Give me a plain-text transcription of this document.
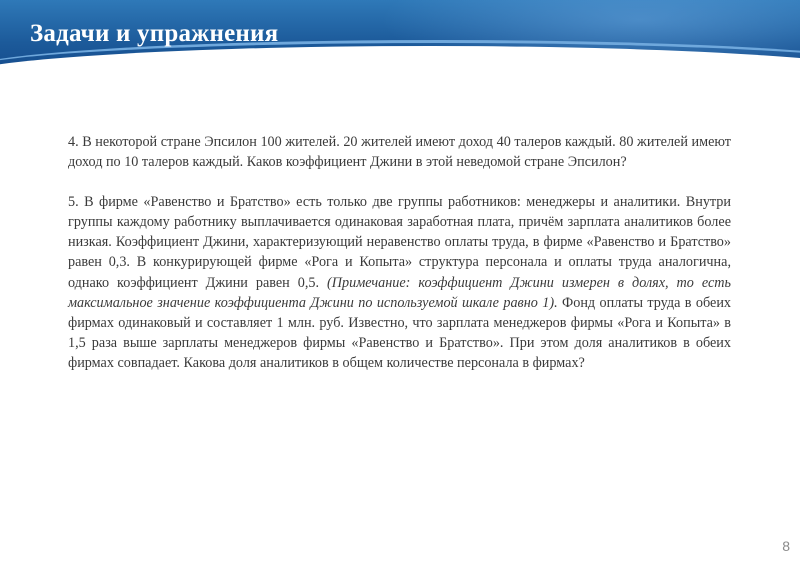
Задачи и упражнения

4. В некоторой стране Эпсилон 100 жителей. 20 жителей имеют доход 40 талеров каждый. 80 жителей имеют доход по 10 талеров каждый. Каков коэффициент Джини в этой неведомой стране Эпсилон?

5. В фирме «Равенство и Братство» есть только две группы работников: менеджеры и аналитики. Внутри группы каждому работнику выплачивается одинаковая заработная плата, причём зарплата аналитиков более низкая. Коэффициент Джини, характеризующий неравенство оплаты труда, в фирме «Равенство и Братство» равен 0,3. В конкурирующей фирме «Рога и Копыта» структура персонала и оплаты труда аналогична, однако коэффициент Джини равен 0,5. (Примечание: коэффициент Джини измерен в долях, то есть максимальное значение коэффициента Джини по используемой шкале равно 1). Фонд оплаты труда в обеих фирмах одинаковый и составляет 1 млн. руб. Известно, что зарплата менеджеров фирмы «Рога и Копыта» в 1,5 раза выше зарплаты менеджеров фирмы «Равенство и Братство». При этом доля аналитиков в обеих фирмах совпадает. Какова доля аналитиков в общем количестве персонала в фирмах?

8
